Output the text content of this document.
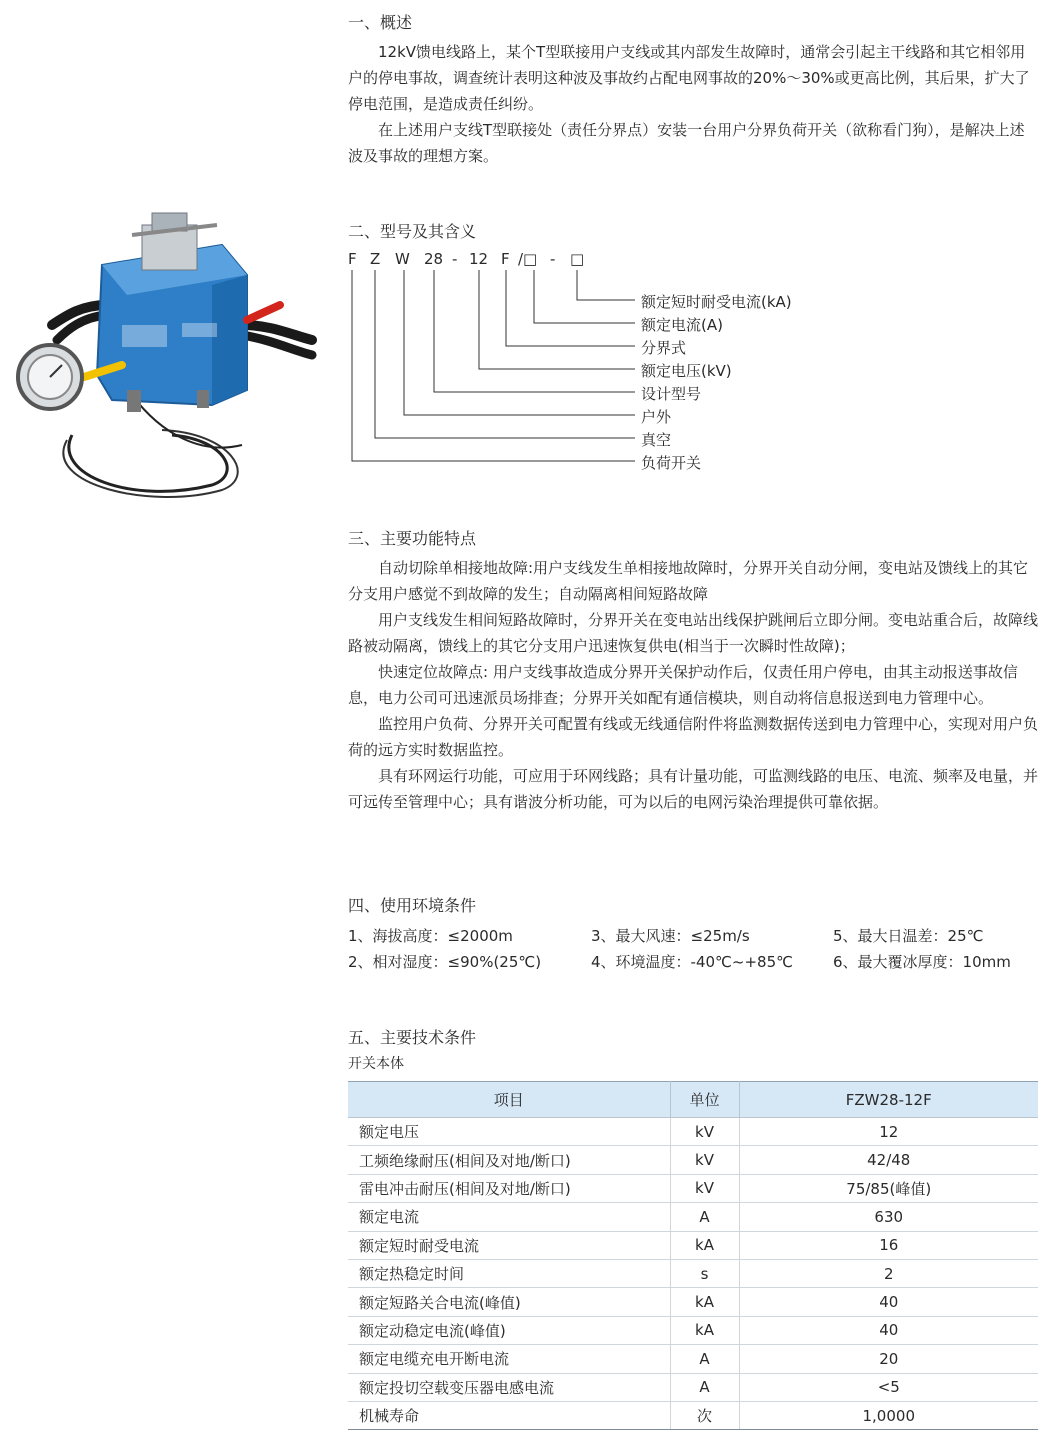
一、概述

12kV馈电线路上，某个T型联接用户支线或其内部发生故障时，通常会引起主干线路和其它相邻用户的停电事故，调查统计表明这种波及事故约占配电网事故的20%～30%或更高比例，其后果，扩大了停电范围，是造成责任纠纷。

在上述用户支线T型联接处（责任分界点）安装一台用户分界负荷开关（欲称看门狗），是解决上述波及事故的理想方案。

二、型号及其含义
F Z W 28 - 12 F /□ - □
额定短时耐受电流(kA)
额定电流(A)
分界式
额定电压(kV)
设计型号
户外
真空
负荷开关
三、主要功能特点

自动切除单相接地故障:用户支线发生单相接地故障时，分界开关自动分闸，变电站及馈线上的其它分支用户感觉不到故障的发生；自动隔离相间短路故障

用户支线发生相间短路故障时，分界开关在变电站出线保护跳闸后立即分闸。变电站重合后，故障线路被动隔离，馈线上的其它分支用户迅速恢复供电(相当于一次瞬时性故障)；

快速定位故障点: 用户支线事故造成分界开关保护动作后，仅责任用户停电，由其主动报送事故信息，电力公司可迅速派员场排查；分界开关如配有通信模块，则自动将信息报送到电力管理中心。

监控用户负荷、分界开关可配置有线或无线通信附件将监测数据传送到电力管理中心，实现对用户负荷的远方实时数据监控。

具有环网运行功能，可应用于环网线路；具有计量功能，可监测线路的电压、电流、频率及电量，并可远传至管理中心；具有谐波分析功能，可为以后的电网污染治理提供可靠依据。

四、使用环境条件
1、海拔高度：≤2000m	3、最大风速：≤25m/s	5、最大日温差：25℃
2、相对湿度：≤90%(25℃)	4、环境温度：-40℃~+85℃	6、最大覆冰厚度：10mm
五、主要技术条件
开关本体
项目	单位	FZW28-12F
额定电压	kV	12
工频绝缘耐压(相间及对地/断口)	kV	42/48
雷电冲击耐压(相间及对地/断口)	kV	75/85(峰值)
额定电流	A	630
额定短时耐受电流	kA	16
额定热稳定时间	s	2
额定短路关合电流(峰值)	kA	40
额定动稳定电流(峰值)	kA	40
额定电缆充电开断电流	A	20
额定投切空载变压器电感电流	A	<5
机械寿命	次	1,0000
